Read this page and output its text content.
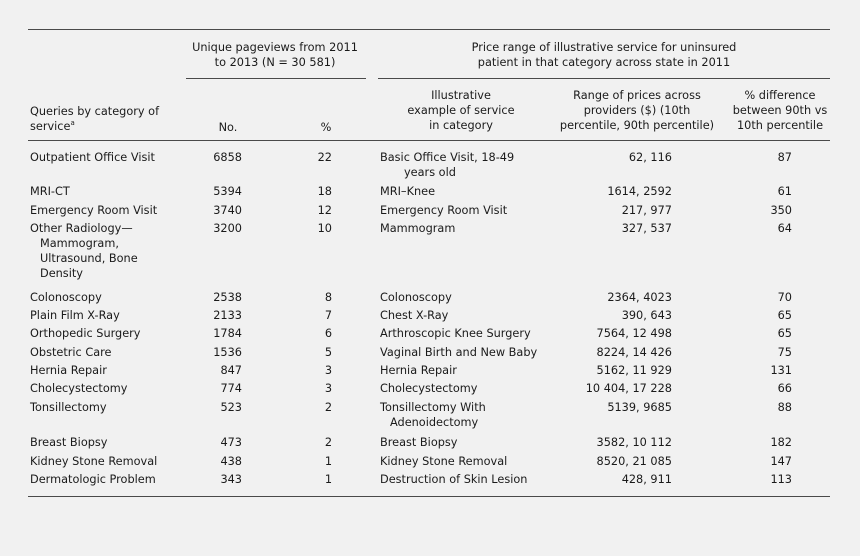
Unique pageviews from 2011
to 2013 (N = 30 581)
Price range of illustrative service for uninsured
patient in that category across state in 2011
Queries by category of
service$^a$	No.	%
Illustrative
example of service
in category
Range of prices across
providers ($) (10th
percentile, 90th percentile)
% difference
between 90th vs
10th percentile
Outpatient Office Visit	6858	22	Basic Office Visit, 18-49
years old
62, 116	87
MRI-CT	5394	18	MRI–Knee	1614, 2592	61
Emergency Room Visit	3740	12	Emergency Room Visit	217, 977	350
Other Radiology—
Mammogram,
Ultrasound, Bone
Density
3200	10	Mammogram	327, 537	64
Colonoscopy	2538	8	Colonoscopy	2364, 4023	70
Plain Film X-Ray	2133	7	Chest X-Ray	390, 643	65
Orthopedic Surgery	1784	6	Arthroscopic Knee Surgery	7564, 12 498	65
Obstetric Care	1536	5	Vaginal Birth and New Baby	8224, 14 426	75
Hernia Repair	847	3	Hernia Repair	5162, 11 929	131
Cholecystectomy	774	3	Cholecystectomy	10 404, 17 228	66
Tonsillectomy	523	2	Tonsillectomy With
Adenoidectomy
5139, 9685	88
Breast Biopsy	473	2	Breast Biopsy	3582, 10 112	182
Kidney Stone Removal	438	1	Kidney Stone Removal	8520, 21 085	147
Dermatologic Problem	343	1	Destruction of Skin Lesion	428, 911	113
